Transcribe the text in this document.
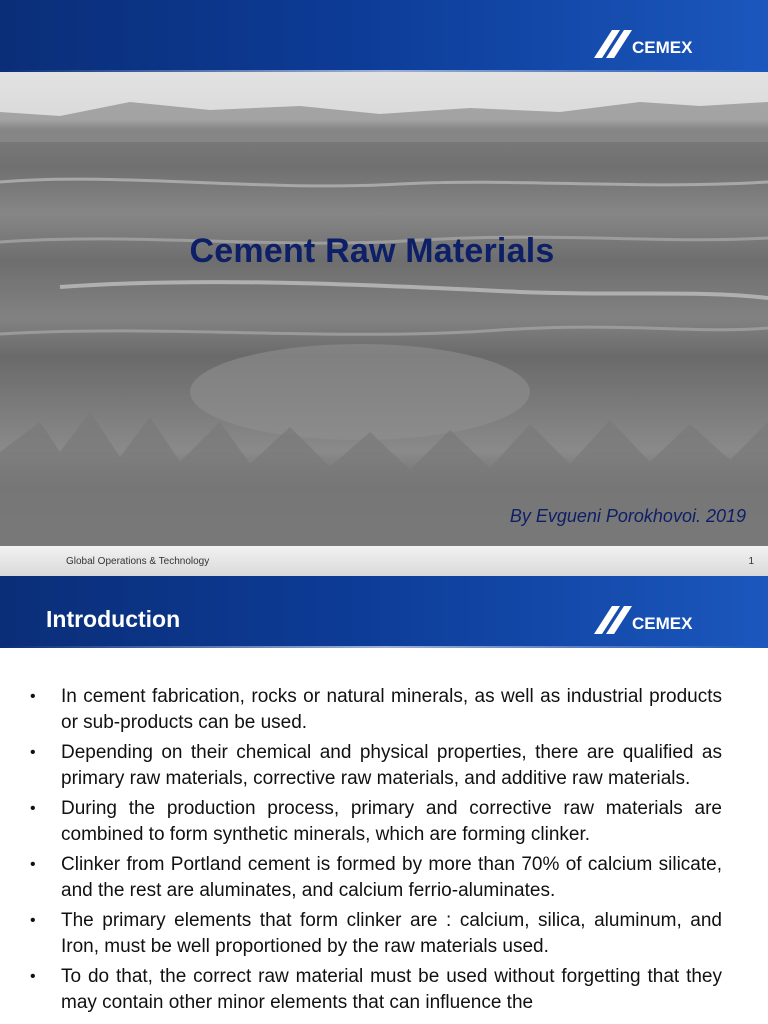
CEMEX
Cement Raw Materials
By Evgueni Porokhovoi. 2019
Global Operations & Technology	1
Introduction	CEMEX
• In cement fabrication, rocks or natural minerals, as well as industrial products or sub-products can be used.
• Depending on their chemical and physical properties, there are qualified as primary raw materials, corrective raw materials, and additive raw materials.
• During the production process, primary and corrective raw materials are combined to form synthetic minerals, which are forming clinker.
• Clinker from Portland cement is formed by more than 70% of calcium silicate, and the rest are aluminates, and calcium ferrio-aluminates.
• The primary elements that form clinker are : calcium, silica, aluminum, and Iron, must be well proportioned by the raw materials used.
• To do that, the correct raw material must be used without forgetting that they may contain other minor elements that can influence the
